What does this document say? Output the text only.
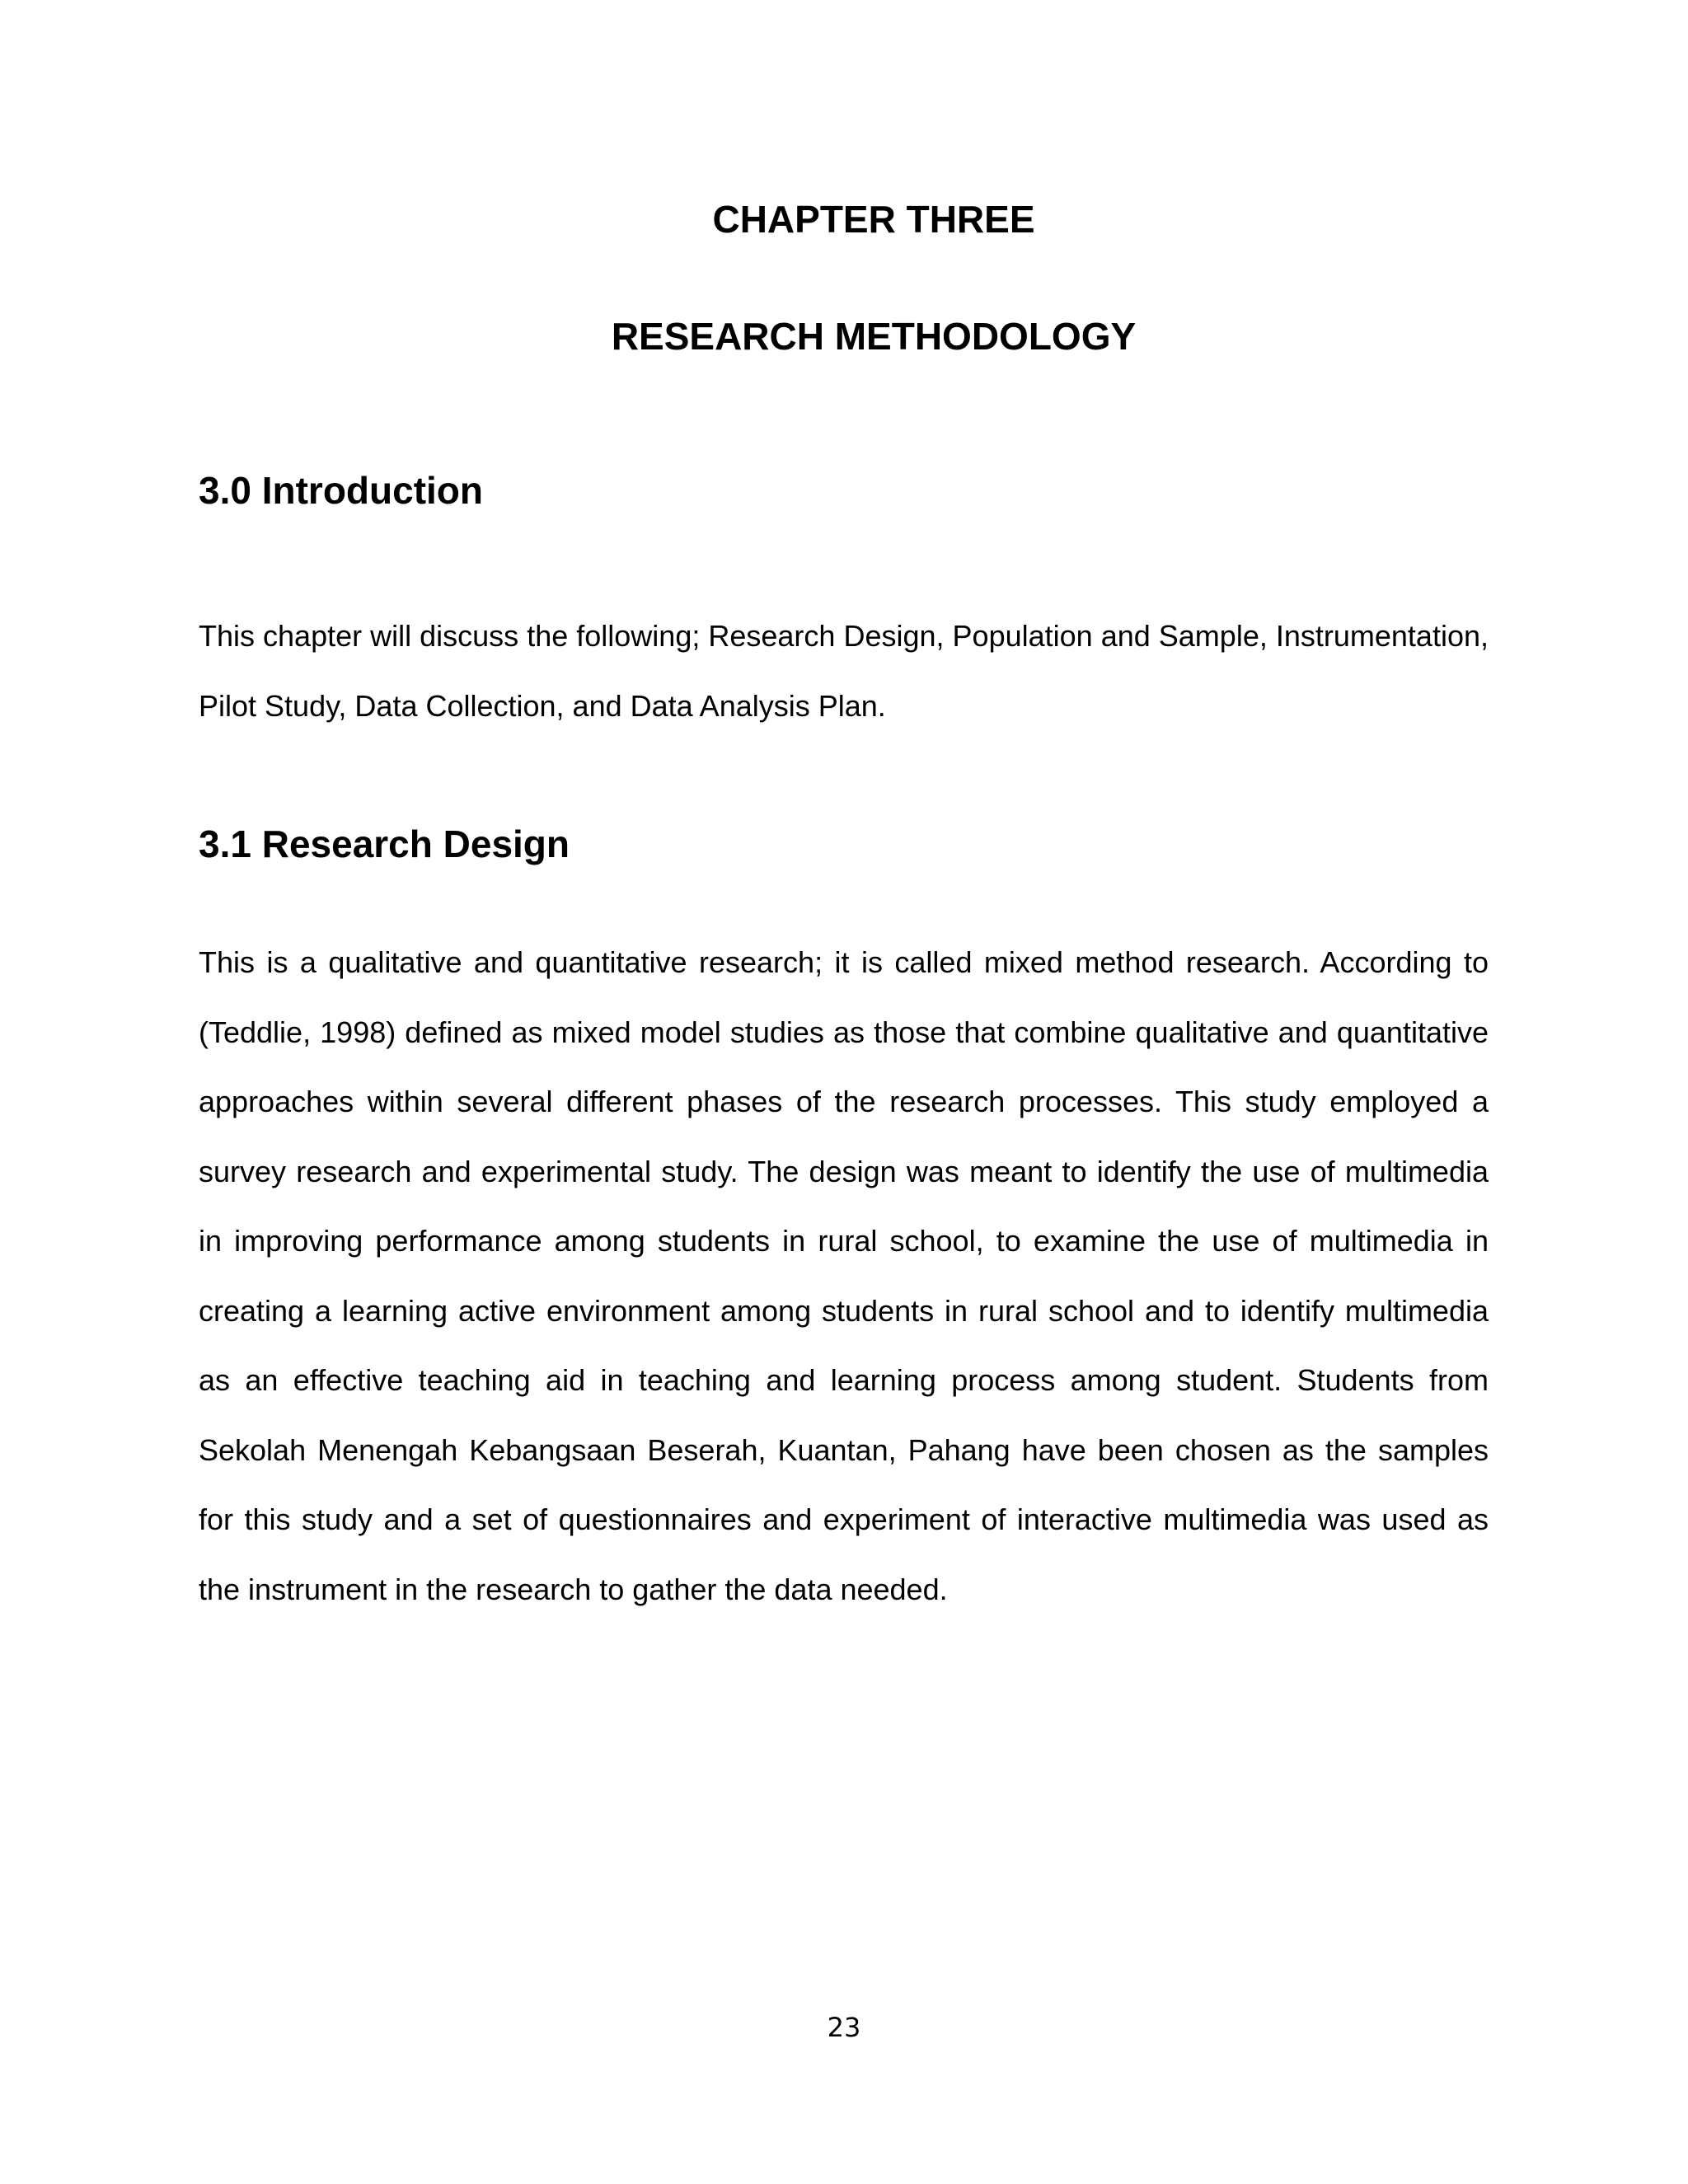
CHAPTER THREE
RESEARCH METHODOLOGY
3.0 Introduction

This chapter will discuss the following; Research Design, Population and Sample, Instrumentation, Pilot Study, Data Collection, and Data Analysis Plan.

3.1 Research Design

This is a qualitative and quantitative research; it is called mixed method research. According to (Teddlie, 1998) defined as mixed model studies as those that combine qualitative and quantitative approaches within several different phases of the research processes. This study employed a survey research and experimental study. The design was meant to identify the use of multimedia in improving performance among students in rural school, to examine the use of multimedia in creating a learning active environment among students in rural school and to identify multimedia as an effective teaching aid in teaching and learning process among student. Students from Sekolah Menengah Kebangsaan Beserah, Kuantan, Pahang have been chosen as the samples for this study and a set of questionnaires and experiment of interactive multimedia was used as the instrument in the research to gather the data needed.

23
